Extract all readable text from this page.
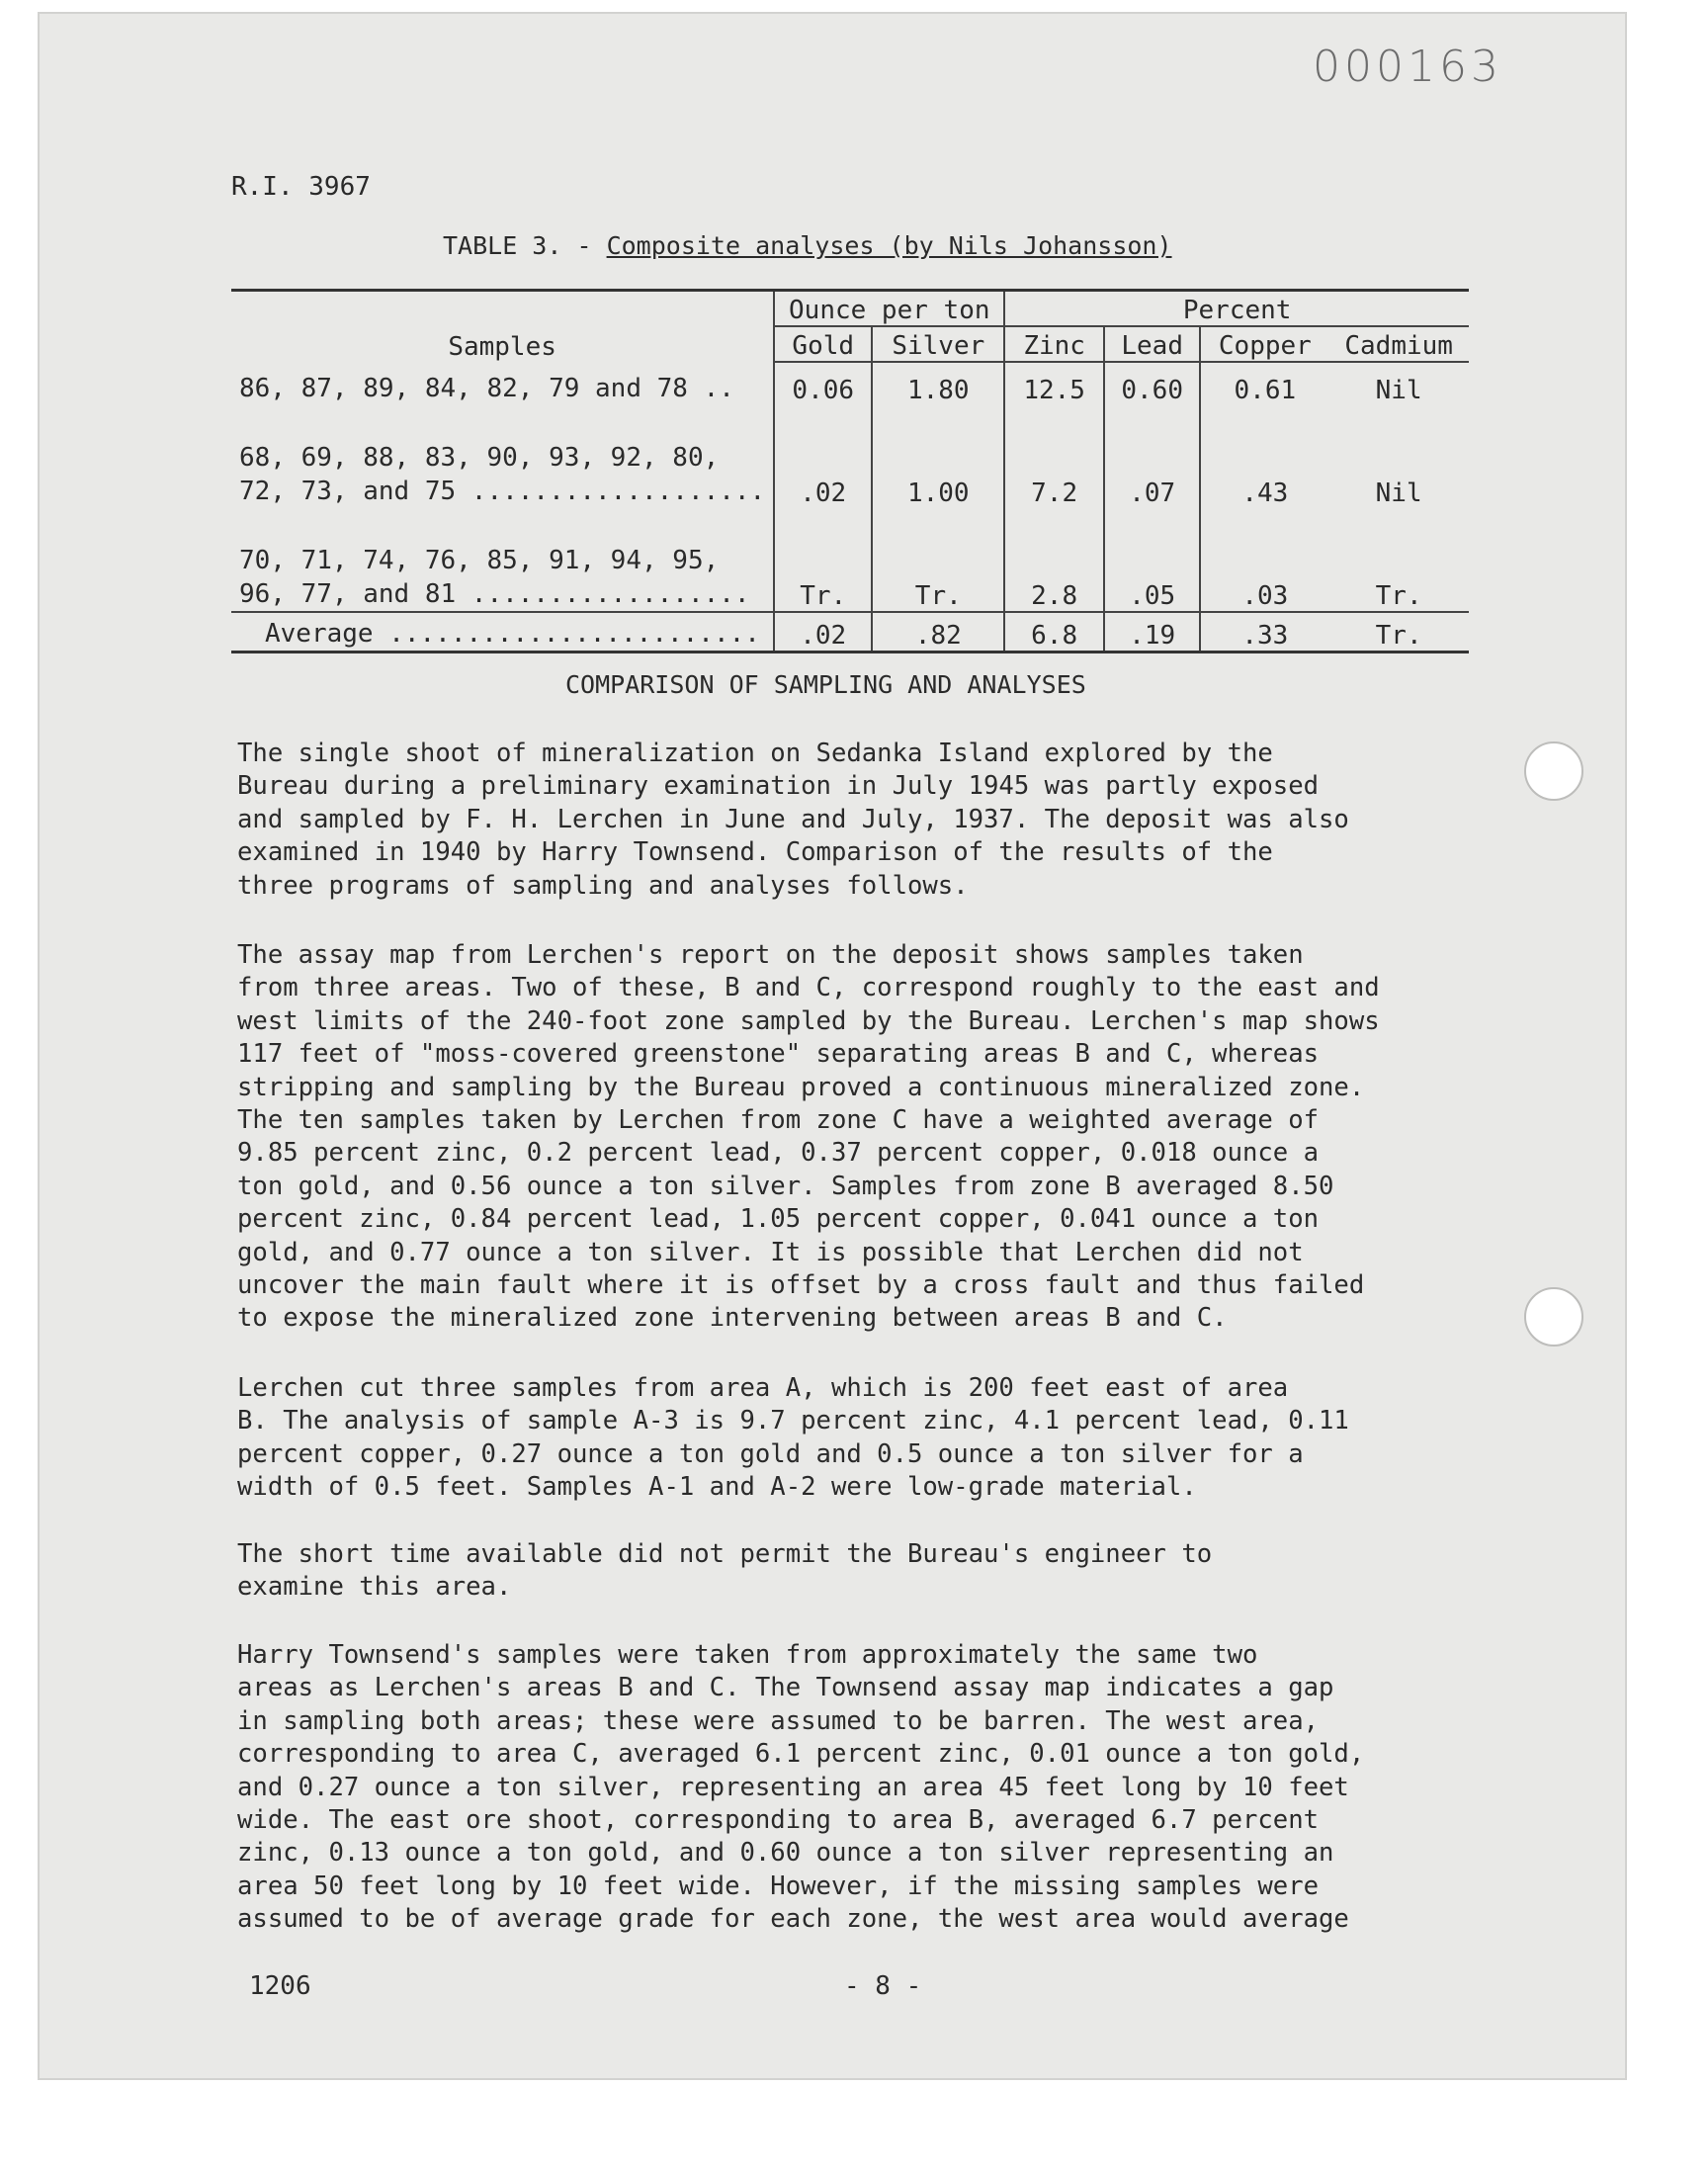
000163
R.I. 3967
TABLE 3. - Composite analyses (by Nils Johansson)
Samples	Ounce per ton		Percent			
	Gold	Silver	Zinc	Lead	Copper	Cadmium
86, 87, 89, 84, 82, 79 and 78 ..	0.06	1.80	12.5	0.60	0.61	Nil
68, 69, 88, 83, 90, 93, 92, 80,
72, 73, and 75 ...................	.02	1.00	7.2	.07	.43	Nil
70, 71, 74, 76, 85, 91, 94, 95,
96, 77, and 81 ..................	Tr.	Tr.	2.8	.05	.03	Tr.
Average ........................	.02	.82	6.8	.19	.33	Tr.
COMPARISON OF SAMPLING AND ANALYSES
The single shoot of mineralization on Sedanka Island explored by the
Bureau during a preliminary examination in July 1945 was partly exposed
and sampled by F. H. Lerchen in June and July, 1937. The deposit was also
examined in 1940 by Harry Townsend. Comparison of the results of the
three programs of sampling and analyses follows.
The assay map from Lerchen's report on the deposit shows samples taken
from three areas. Two of these, B and C, correspond roughly to the east and
west limits of the 240-foot zone sampled by the Bureau. Lerchen's map shows
117 feet of "moss-covered greenstone" separating areas B and C, whereas
stripping and sampling by the Bureau proved a continuous mineralized zone.
The ten samples taken by Lerchen from zone C have a weighted average of
9.85 percent zinc, 0.2 percent lead, 0.37 percent copper, 0.018 ounce a
ton gold, and 0.56 ounce a ton silver. Samples from zone B averaged 8.50
percent zinc, 0.84 percent lead, 1.05 percent copper, 0.041 ounce a ton
gold, and 0.77 ounce a ton silver. It is possible that Lerchen did not
uncover the main fault where it is offset by a cross fault and thus failed
to expose the mineralized zone intervening between areas B and C.
Lerchen cut three samples from area A, which is 200 feet east of area
B. The analysis of sample A-3 is 9.7 percent zinc, 4.1 percent lead, 0.11
percent copper, 0.27 ounce a ton gold and 0.5 ounce a ton silver for a
width of 0.5 feet. Samples A-1 and A-2 were low-grade material.
The short time available did not permit the Bureau's engineer to
examine this area.
Harry Townsend's samples were taken from approximately the same two
areas as Lerchen's areas B and C. The Townsend assay map indicates a gap
in sampling both areas; these were assumed to be barren. The west area,
corresponding to area C, averaged 6.1 percent zinc, 0.01 ounce a ton gold,
and 0.27 ounce a ton silver, representing an area 45 feet long by 10 feet
wide. The east ore shoot, corresponding to area B, averaged 6.7 percent
zinc, 0.13 ounce a ton gold, and 0.60 ounce a ton silver representing an
area 50 feet long by 10 feet wide. However, if the missing samples were
assumed to be of average grade for each zone, the west area would average
1206	- 8 -
